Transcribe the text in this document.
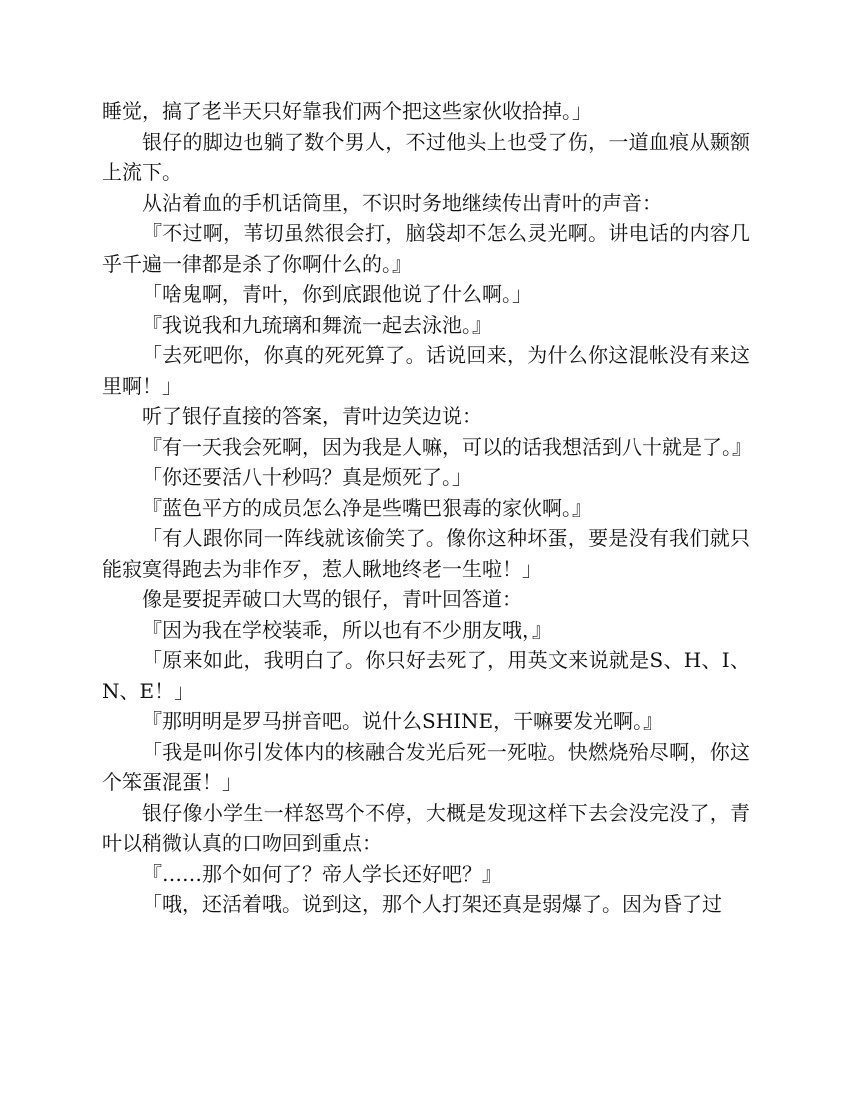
睡觉，搞了老半天只好靠我们两个把这些家伙收拾掉。」

银仔的脚边也躺了数个男人，不过他头上也受了伤，一道血痕从颞额上流下。

从沾着血的手机话筒里，不识时务地继续传出青叶的声音：

『不过啊，苇切虽然很会打，脑袋却不怎么灵光啊。讲电话的内容几乎千遍一律都是杀了你啊什么的。』

「啥鬼啊，青叶，你到底跟他说了什么啊。」

『我说我和九琉璃和舞流一起去泳池。』

「去死吧你，你真的死死算了。话说回来，为什么你这混帐没有来这里啊！」

听了银仔直接的答案，青叶边笑边说：

『有一天我会死啊，因为我是人嘛，可以的话我想活到八十就是了。』

「你还要活八十秒吗？真是烦死了。」

『蓝色平方的成员怎么净是些嘴巴狠毒的家伙啊。』

「有人跟你同一阵线就该偷笑了。像你这种坏蛋，要是没有我们就只能寂寞得跑去为非作歹，惹人瞅地终老一生啦！」

像是要捉弄破口大骂的银仔，青叶回答道：

『因为我在学校装乖，所以也有不少朋友哦，』

「原来如此，我明白了。你只好去死了，用英文来说就是S、H、I、N、E！」

『那明明是罗马拼音吧。说什么SHINE，干嘛要发光啊。』

「我是叫你引发体内的核融合发光后死一死啦。快燃烧殆尽啊，你这个笨蛋混蛋！」

银仔像小学生一样怒骂个不停，大概是发现这样下去会没完没了，青叶以稍微认真的口吻回到重点：

『……那个如何了？帝人学长还好吧？』

「哦，还活着哦。说到这，那个人打架还真是弱爆了。因为昏了过
